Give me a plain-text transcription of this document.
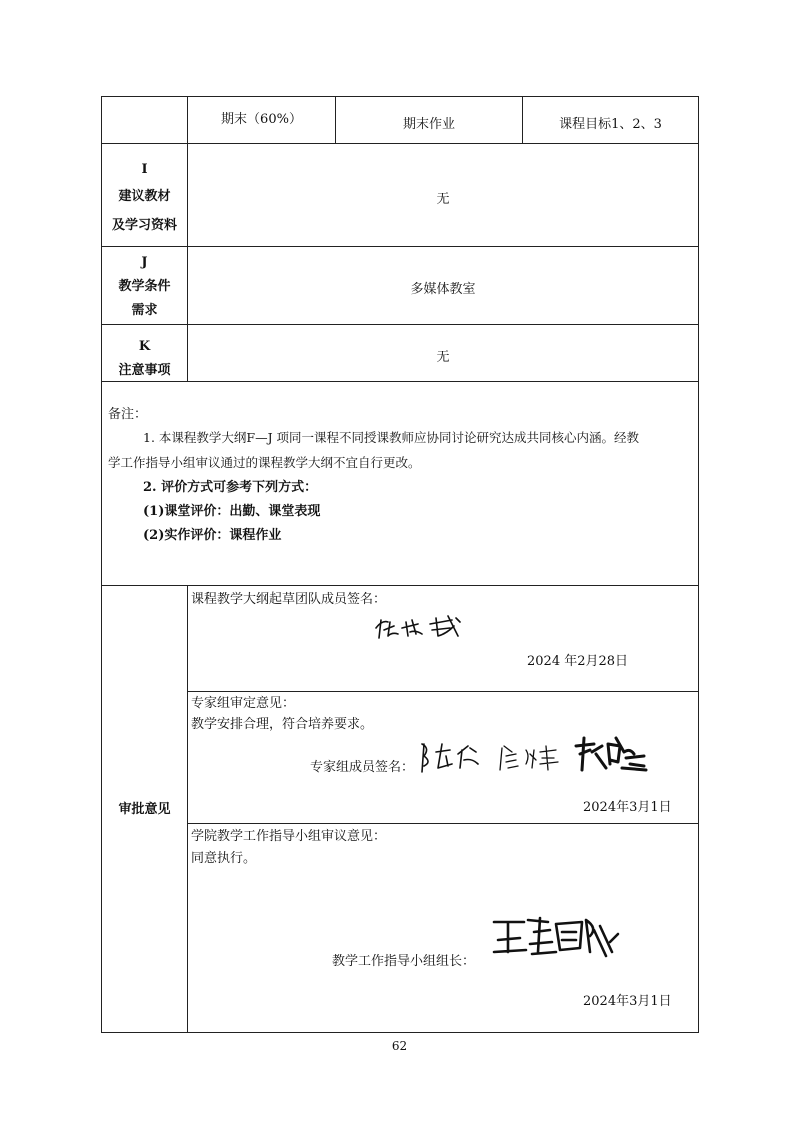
期末（60%）	期末作业	课程目标1、2、3
I
建议教材
及学习资料
无
J
教学条件
需求
多媒体教室
K
注意事项
无
备注：
1. 本课程教学大纲F—J 项同一课程不同授课教师应协同讨论研究达成共同核心内涵。经教
学工作指导小组审议通过的课程教学大纲不宜自行更改。
2. 评价方式可参考下列方式：
(1)课堂评价：出勤、课堂表现
(2)实作评价：课程作业
审批意见
课程教学大纲起草团队成员签名：
2024 年2月28日
专家组审定意见：
教学安排合理，符合培养要求。
专家组成员签名：
2024年3月1日
学院教学工作指导小组审议意见：
同意执行。
教学工作指导小组组长：
2024年3月1日
62
